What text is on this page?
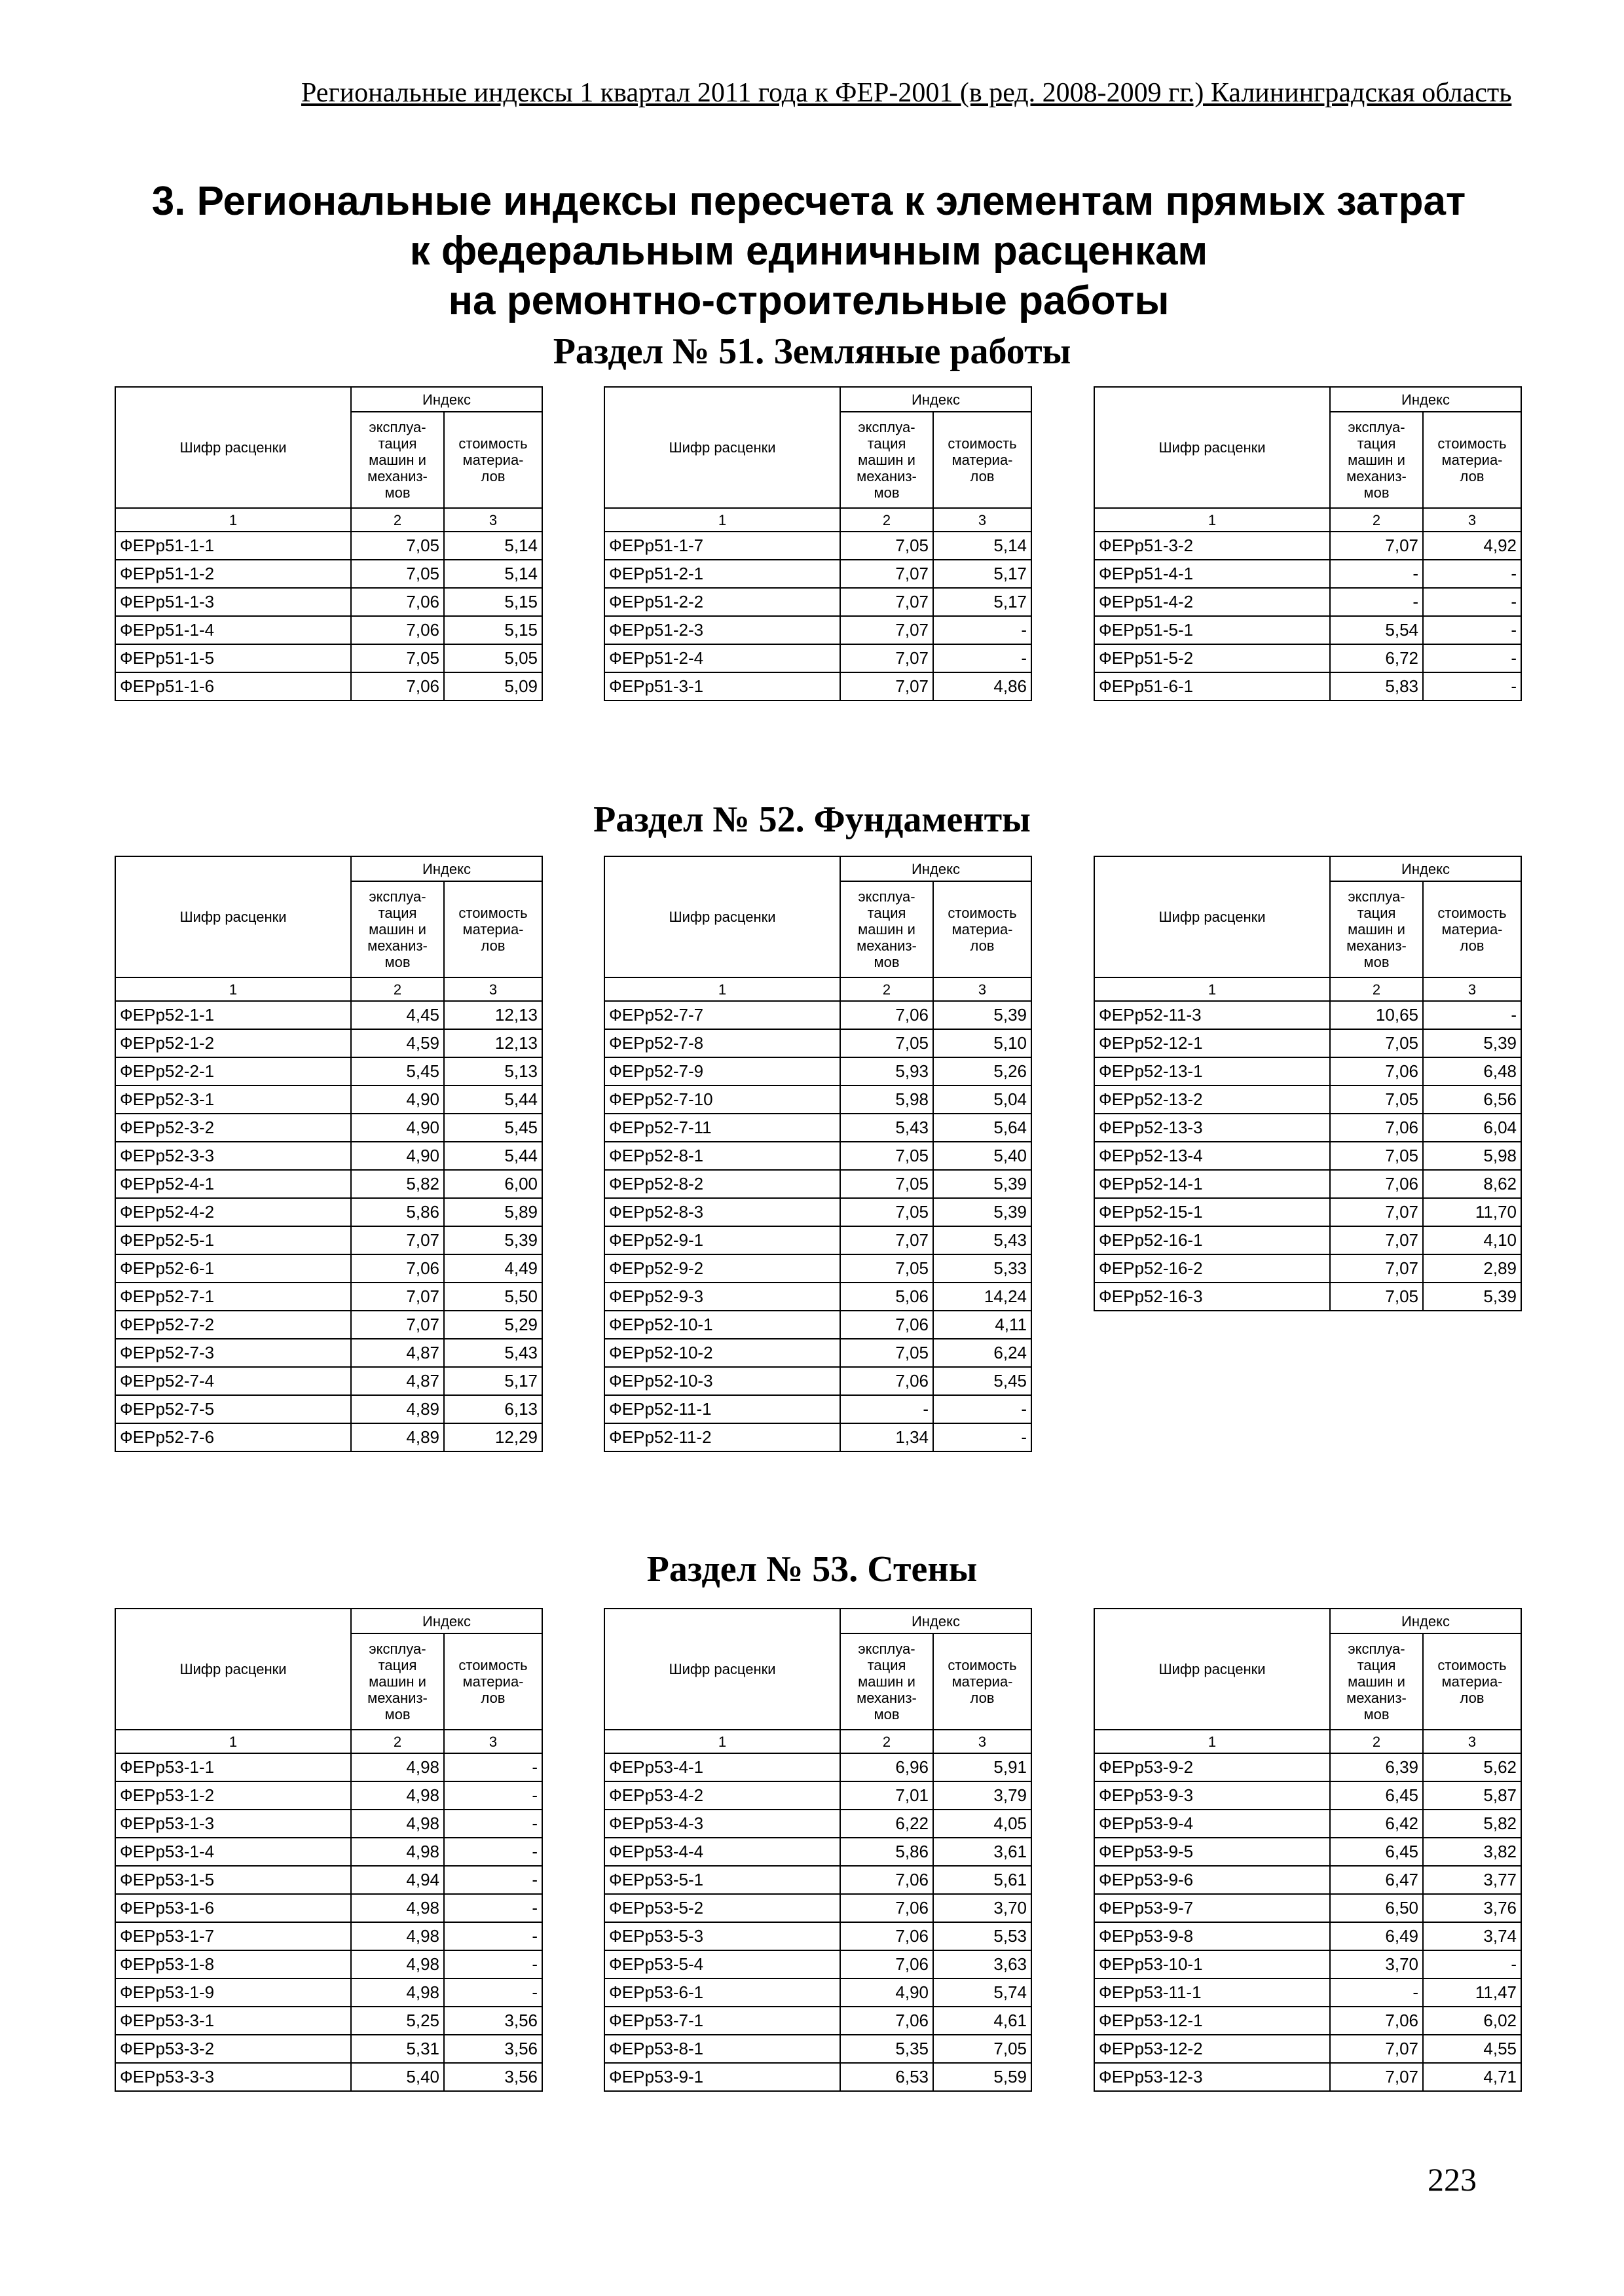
Региональные индексы 1 квартал 2011 года к ФЕР-2001 (в ред. 2008-2009 гг.) Калининградская область
3. Региональные индексы пересчета к элементам прямых затрат
к федеральным единичным расценкам
на ремонтно-строительные работы
Раздел № 51. Земляные работы
Раздел № 52. Фундаменты
Раздел № 53. Стены
Шифр расценки	Индекс	
	эксплуа-
тация
машин и
механиз-
мов	стоимость
материа-
лов
1	2	3
ФЕРр51-1-1	7,05	5,14
ФЕРр51-1-2	7,05	5,14
ФЕРр51-1-3	7,06	5,15
ФЕРр51-1-4	7,06	5,15
ФЕРр51-1-5	7,05	5,05
ФЕРр51-1-6	7,06	5,09
Шифр расценки	Индекс	
	эксплуа-
тация
машин и
механиз-
мов	стоимость
материа-
лов
1	2	3
ФЕРр51-1-7	7,05	5,14
ФЕРр51-2-1	7,07	5,17
ФЕРр51-2-2	7,07	5,17
ФЕРр51-2-3	7,07	-
ФЕРр51-2-4	7,07	-
ФЕРр51-3-1	7,07	4,86
Шифр расценки	Индекс	
	эксплуа-
тация
машин и
механиз-
мов	стоимость
материа-
лов
1	2	3
ФЕРр51-3-2	7,07	4,92
ФЕРр51-4-1	-	-
ФЕРр51-4-2	-	-
ФЕРр51-5-1	5,54	-
ФЕРр51-5-2	6,72	-
ФЕРр51-6-1	5,83	-
Шифр расценки	Индекс	
	эксплуа-
тация
машин и
механиз-
мов	стоимость
материа-
лов
1	2	3
ФЕРр52-1-1	4,45	12,13
ФЕРр52-1-2	4,59	12,13
ФЕРр52-2-1	5,45	5,13
ФЕРр52-3-1	4,90	5,44
ФЕРр52-3-2	4,90	5,45
ФЕРр52-3-3	4,90	5,44
ФЕРр52-4-1	5,82	6,00
ФЕРр52-4-2	5,86	5,89
ФЕРр52-5-1	7,07	5,39
ФЕРр52-6-1	7,06	4,49
ФЕРр52-7-1	7,07	5,50
ФЕРр52-7-2	7,07	5,29
ФЕРр52-7-3	4,87	5,43
ФЕРр52-7-4	4,87	5,17
ФЕРр52-7-5	4,89	6,13
ФЕРр52-7-6	4,89	12,29
Шифр расценки	Индекс	
	эксплуа-
тация
машин и
механиз-
мов	стоимость
материа-
лов
1	2	3
ФЕРр52-7-7	7,06	5,39
ФЕРр52-7-8	7,05	5,10
ФЕРр52-7-9	5,93	5,26
ФЕРр52-7-10	5,98	5,04
ФЕРр52-7-11	5,43	5,64
ФЕРр52-8-1	7,05	5,40
ФЕРр52-8-2	7,05	5,39
ФЕРр52-8-3	7,05	5,39
ФЕРр52-9-1	7,07	5,43
ФЕРр52-9-2	7,05	5,33
ФЕРр52-9-3	5,06	14,24
ФЕРр52-10-1	7,06	4,11
ФЕРр52-10-2	7,05	6,24
ФЕРр52-10-3	7,06	5,45
ФЕРр52-11-1	-	-
ФЕРр52-11-2	1,34	-
Шифр расценки	Индекс	
	эксплуа-
тация
машин и
механиз-
мов	стоимость
материа-
лов
1	2	3
ФЕРр52-11-3	10,65	-
ФЕРр52-12-1	7,05	5,39
ФЕРр52-13-1	7,06	6,48
ФЕРр52-13-2	7,05	6,56
ФЕРр52-13-3	7,06	6,04
ФЕРр52-13-4	7,05	5,98
ФЕРр52-14-1	7,06	8,62
ФЕРр52-15-1	7,07	11,70
ФЕРр52-16-1	7,07	4,10
ФЕРр52-16-2	7,07	2,89
ФЕРр52-16-3	7,05	5,39
Шифр расценки	Индекс	
	эксплуа-
тация
машин и
механиз-
мов	стоимость
материа-
лов
1	2	3
ФЕРр53-1-1	4,98	-
ФЕРр53-1-2	4,98	-
ФЕРр53-1-3	4,98	-
ФЕРр53-1-4	4,98	-
ФЕРр53-1-5	4,94	-
ФЕРр53-1-6	4,98	-
ФЕРр53-1-7	4,98	-
ФЕРр53-1-8	4,98	-
ФЕРр53-1-9	4,98	-
ФЕРр53-3-1	5,25	3,56
ФЕРр53-3-2	5,31	3,56
ФЕРр53-3-3	5,40	3,56
Шифр расценки	Индекс	
	эксплуа-
тация
машин и
механиз-
мов	стоимость
материа-
лов
1	2	3
ФЕРр53-4-1	6,96	5,91
ФЕРр53-4-2	7,01	3,79
ФЕРр53-4-3	6,22	4,05
ФЕРр53-4-4	5,86	3,61
ФЕРр53-5-1	7,06	5,61
ФЕРр53-5-2	7,06	3,70
ФЕРр53-5-3	7,06	5,53
ФЕРр53-5-4	7,06	3,63
ФЕРр53-6-1	4,90	5,74
ФЕРр53-7-1	7,06	4,61
ФЕРр53-8-1	5,35	7,05
ФЕРр53-9-1	6,53	5,59
Шифр расценки	Индекс	
	эксплуа-
тация
машин и
механиз-
мов	стоимость
материа-
лов
1	2	3
ФЕРр53-9-2	6,39	5,62
ФЕРр53-9-3	6,45	5,87
ФЕРр53-9-4	6,42	5,82
ФЕРр53-9-5	6,45	3,82
ФЕРр53-9-6	6,47	3,77
ФЕРр53-9-7	6,50	3,76
ФЕРр53-9-8	6,49	3,74
ФЕРр53-10-1	3,70	-
ФЕРр53-11-1	-	11,47
ФЕРр53-12-1	7,06	6,02
ФЕРр53-12-2	7,07	4,55
ФЕРр53-12-3	7,07	4,71
223
